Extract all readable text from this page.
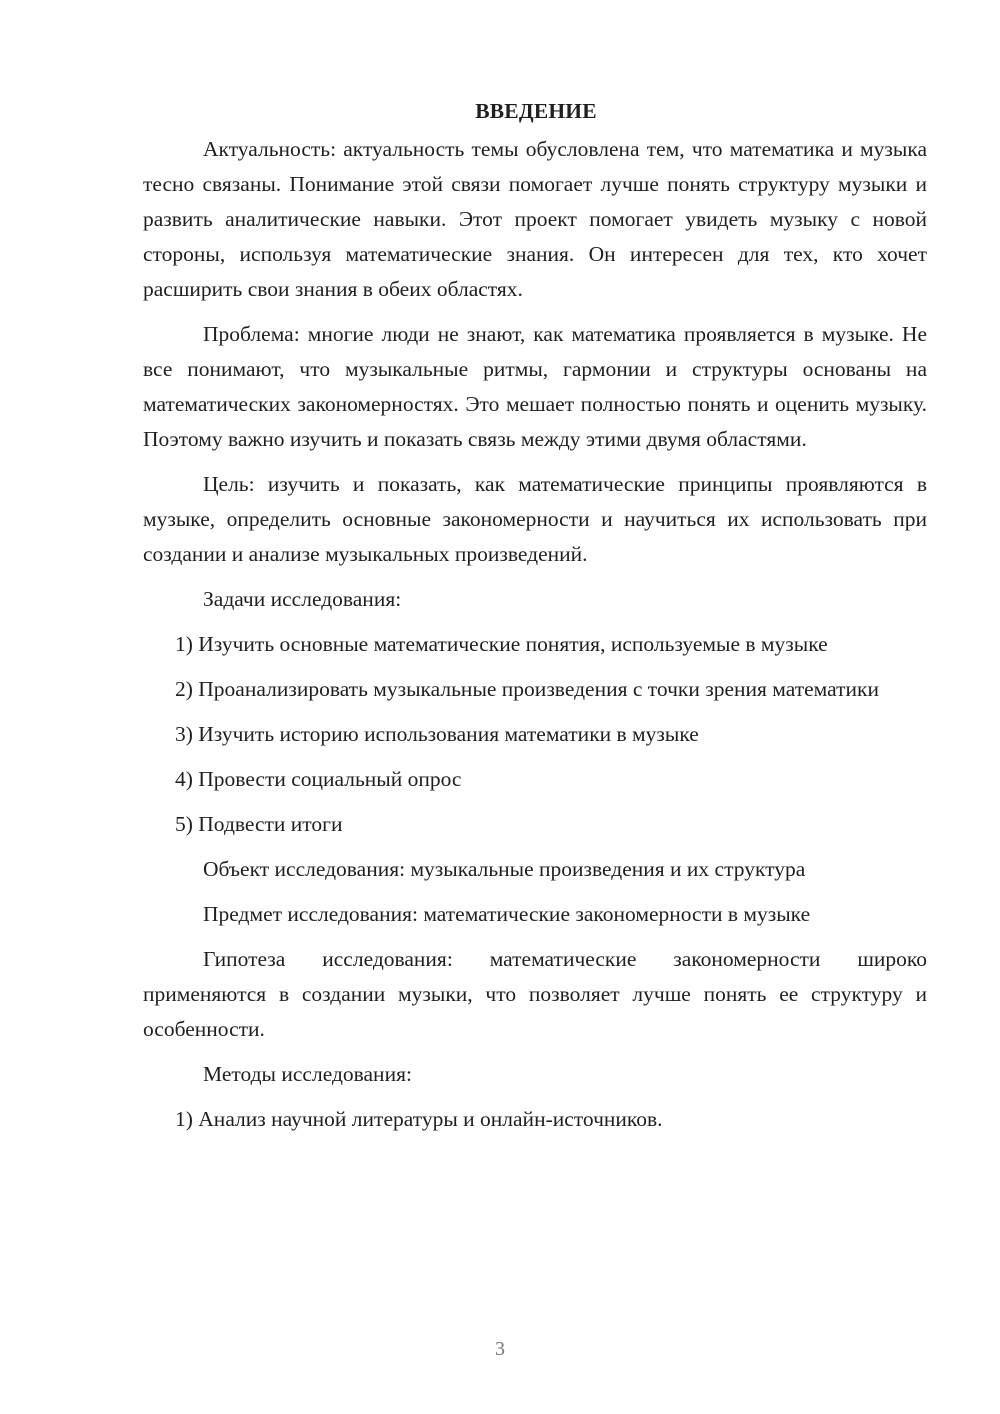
ВВЕДЕНИЕ

Актуальность: актуальность темы обусловлена тем, что математика и музыка тесно связаны. Понимание этой связи помогает лучше понять структуру музыки и развить аналитические навыки. Этот проект помогает увидеть музыку с новой стороны, используя математические знания. Он интересен для тех, кто хочет расширить свои знания в обеих областях.

Проблема: многие люди не знают, как математика проявляется в музыке. Не все понимают, что музыкальные ритмы, гармонии и структуры основаны на математических закономерностях. Это мешает полностью понять и оценить музыку. Поэтому важно изучить и показать связь между этими двумя областями.

Цель: изучить и показать, как математические принципы проявляются в музыке, определить основные закономерности и научиться их использовать при создании и анализе музыкальных произведений.

Задачи исследования:

1) Изучить основные математические понятия, используемые в музыке

2) Проанализировать музыкальные произведения с точки зрения математики

3) Изучить историю использования математики в музыке

4) Провести социальный опрос

5) Подвести итоги

Объект исследования: музыкальные произведения и их структура

Предмет исследования: математические закономерности в музыке

Гипотеза исследования: математические закономерности широко применяются в создании музыки, что позволяет лучше понять ее структуру и особенности.

Методы исследования:

1) Анализ научной литературы и онлайн-источников.

3
